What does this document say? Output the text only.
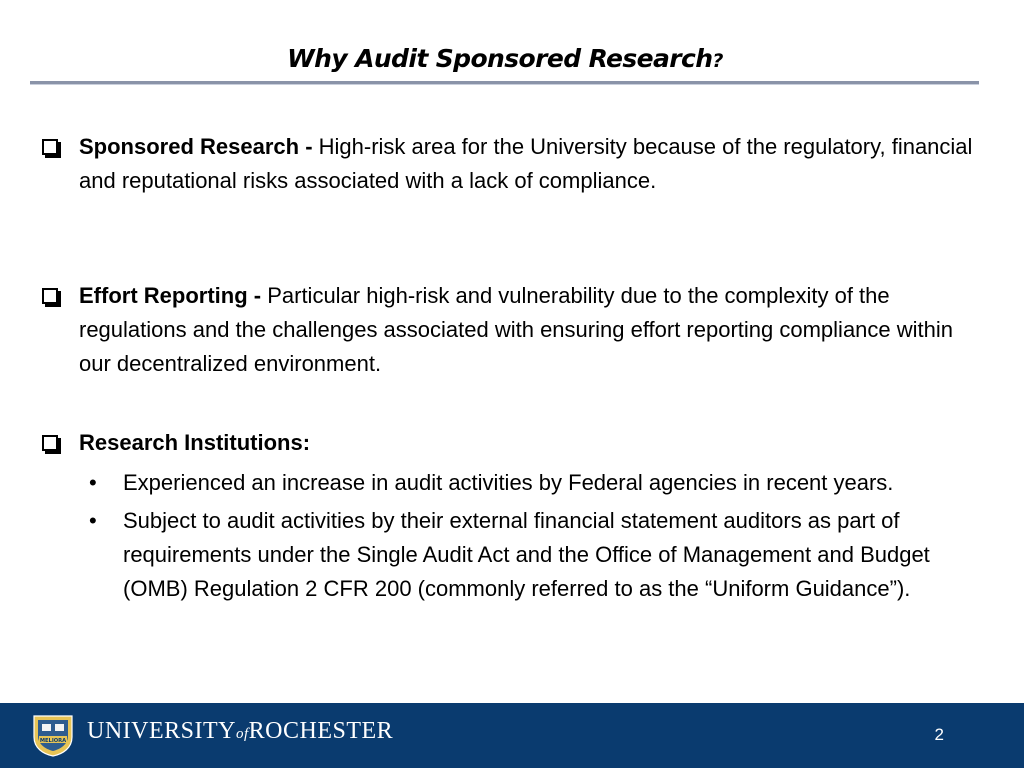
Why Audit Sponsored Research?
Sponsored Research - High-risk area for the University because of the regulatory, financial and reputational risks associated with a lack of compliance.
Effort Reporting - Particular high-risk and vulnerability due to the complexity of the regulations and the challenges associated with ensuring effort reporting compliance within our decentralized environment.
Research Institutions:
• Experienced an increase in audit activities by Federal agencies in recent years.
• Subject to audit activities by their external financial statement auditors as part of requirements under the Single Audit Act and the Office of Management and Budget (OMB) Regulation 2 CFR 200 (commonly referred to as the “Uniform Guidance”).
MELIORA UNIVERSITYofROCHESTER	2
